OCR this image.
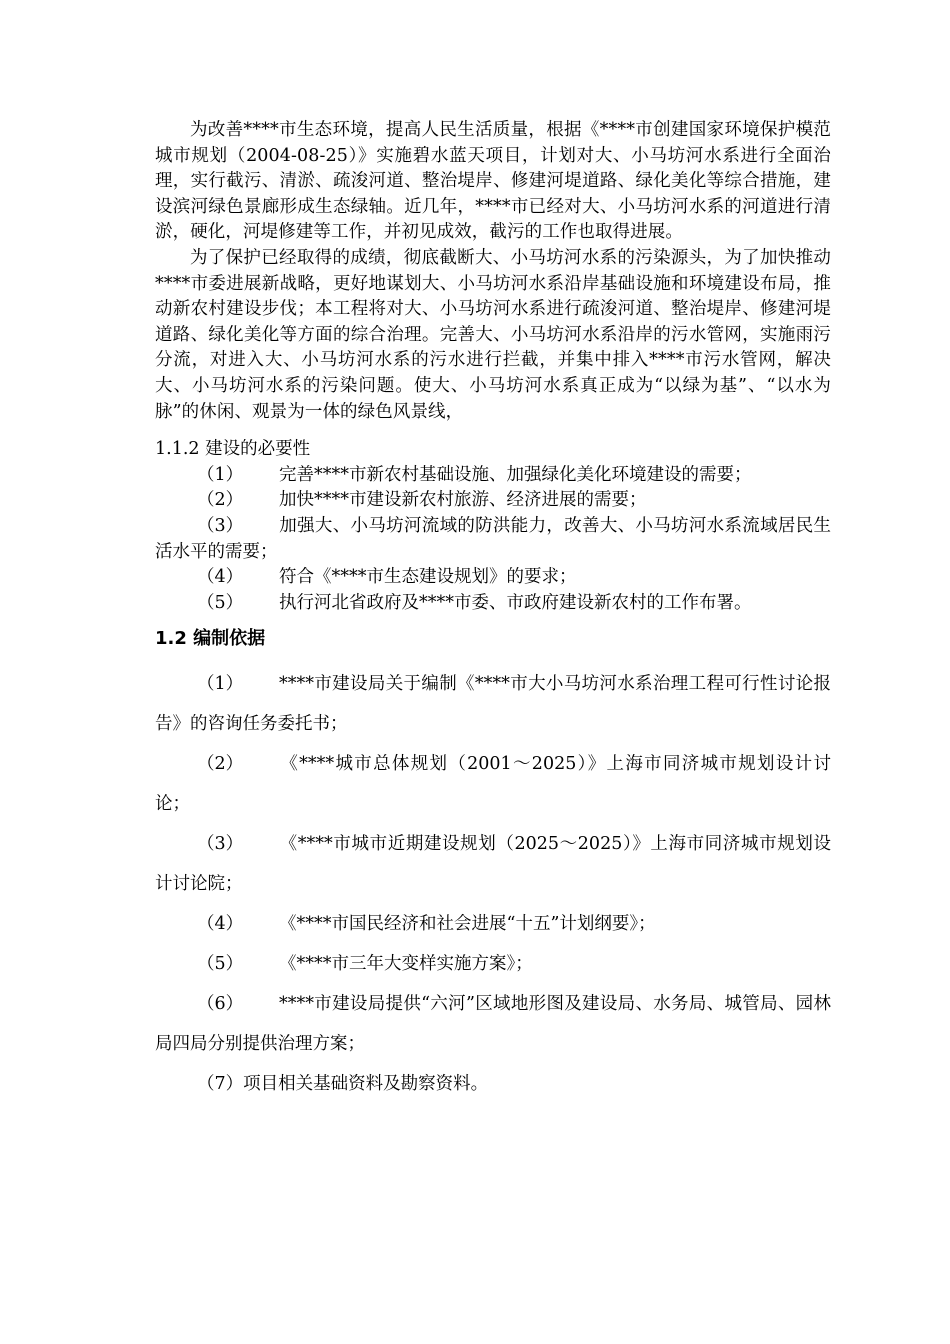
为改善****市生态环境，提高人民生活质量，根据《****市创建国家环境保护模范城市规划（2004-08-25）》实施碧水蓝天项目，计划对大、小马坊河水系进行全面治理，实行截污、清淤、疏浚河道、整治堤岸、修建河堤道路、绿化美化等综合措施，建设滨河绿色景廊形成生态绿轴。近几年，****市已经对大、小马坊河水系的河道进行清淤，硬化，河堤修建等工作，并初见成效，截污的工作也取得进展。

为了保护已经取得的成绩，彻底截断大、小马坊河水系的污染源头，为了加快推动****市委进展新战略，更好地谋划大、小马坊河水系沿岸基础设施和环境建设布局，推动新农村建设步伐；本工程将对大、小马坊河水系进行疏浚河道、整治堤岸、修建河堤道路、绿化美化等方面的综合治理。完善大、小马坊河水系沿岸的污水管网，实施雨污分流，对进入大、小马坊河水系的污水进行拦截，并集中排入****市污水管网，解决大、小马坊河水系的污染问题。使大、小马坊河水系真正成为“以绿为基”、“以水为脉”的休闲、观景为一体的绿色风景线，

1.1.2 建设的必要性

（1） 完善****市新农村基础设施、加强绿化美化环境建设的需要；

（2） 加快****市建设新农村旅游、经济进展的需要；

（3） 加强大、小马坊河流域的防洪能力，改善大、小马坊河水系流域居民生活水平的需要；

（4） 符合《****市生态建设规划》的要求；

（5） 执行河北省政府及****市委、市政府建设新农村的工作布署。

1.2 编制依据

（1） ****市建设局关于编制《****市大小马坊河水系治理工程可行性讨论报告》的咨询任务委托书；

（2） 《****城市总体规划（2001～2025）》上海市同济城市规划设计讨论；

（3） 《****市城市近期建设规划（2025～2025）》上海市同济城市规划设计讨论院；

（4） 《****市国民经济和社会进展“十五”计划纲要》；

（5） 《****市三年大变样实施方案》；

（6） ****市建设局提供“六河”区域地形图及建设局、水务局、城管局、园林局四局分别提供治理方案；

（7）项目相关基础资料及勘察资料。
